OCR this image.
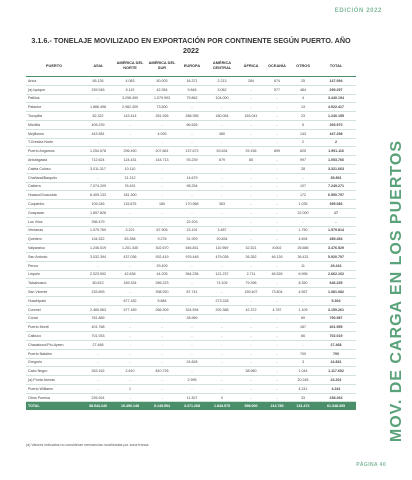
EDICIÓN 2022
3.1.6.- TONELAJE MOVILIZADO EN EXPORTACIÓN POR CONTINENTE SEGÚN PUERTO. AÑO 2022
PUERTO	ASIA	AMÉRICA DEL NORTE	AMÉRICA DEL SUR	EUROPA	AMÉRICA CENTRAL	ÁFRICA	OCEANÍA	OTROS	TOTAL
Arica	65.126	4.083	50.003	16.371	2.213	284	674	25	147.094
(a) Iquique	239.945	5.119	42.264	9.846	3.062	-	577	484	299.297
Patillos	-	3.298.490	1.079.993	79.862	104.000	-	-	4	3.440.194
Patache	1.866.496	2.982.409	73.500	-	-	-	-	13	4.922.417
Tocopilla	82.322	143.414	281.926	288.355	180.054	163.041	-	23	1.240.155
Michilla	405.239	-	-	66.526	-	-	-	5	265.970
Mejillones	443.581	-	4.093	-	480	-	-	143	447.298
T.Greslea Norte	-	-	-	-	-	-	-	2	2
Puerto Angamos	1.254.578	296.490	207.861	137.673	53.634	29.156	899	825	1.991.116
Antofagasta	712.624	124.431	144.713	93.239	679	85	-	997	1.053.766
Caleta Coloso	3.011.317	10.110	-	-	-	-	-	28	3.321.663
Chañaral/Barquito	-	21.212	-	14.679	-	-	-	-	35.891
Caldera	7.074.209	76.491	-	98.254	-	-	-	107	7.249.271
Huasco/Guacolda	6.409.133	181.300	-	-	-	-	-	172	6.590.797
Coquimbo	109.246	115.875	180	170.968	363	-	-	1.035	395.083
Guayacan	1.897.826	-	-	-	-	-	-	22.000	17
Los Vilos	396.479	-	-	22.203	-	-	-	-	-
Ventanas	1.079.760	3.221	67.905	23.191	3.487	-	-	1.750	1.979.814
Quintero	134.322	83.358	9.278	31.929	20.834	-	-	4.694	289.454
Valparaíso	1.246.519	1.201.345	302.670	546.831	110.969	32.521	8.602	26.686	3.476.529
San Antonio	3.032.394	437.036	932.419	976.448	479.038	26.352	46.139	36.431	5.920.797
Penco	-	-	29.409	-	-	-	-	11	29.416
Lirquén	2.023.992	42.638	44.205	364.236	121.237	2.711	48.526	6.996	2.662.102
Talcahuano	80.613	169.334	286.223	-	74.109	79.396	-	8.350	646.235
San Vicente	233.893	-	398.920	87.741	-	159.407	73.804	4.557	1.081.082
Huachipato	-	677.182	5.884	-	273.228	-	-	-	5.304
Coronel	2.465.563	577.189	266.309	324.594	292.388	42.372	4.787	1.109	3.159.261
Corral	761.889	-	-	28.969	-	-	-	69	790.987
Puerto Montt	401.768	-	-	-	-	-	-	187	401.955
Calbuco	701.933	-	-	-	-	-	-	66	702.019
Chacabuco/Pto.Aysen	27.468	-	-	-	-	-	-	-	27.468
Puerto Natales	-	-	-	-	-	-	-	700	700
Gregorio	-	-	-	24.828	-	-	-	3	24.831
Cabo Negro	263.162	2.610	810.726	-	-	38.960	-	1.044	1.117.652
(a) Punta Arenas	-	-	-	2.995	-	-	-	20.245	24.201
Puerto Williams	-	1	-	-	-	-	-	4.241	4.241
Otros Puertos	226.924	-	-	11.307	0	-	-	33	238.264
TOTAL	38.544.240	10.490.148	5.145.594	3.371.268	1.843.575	598.000	214.785	131.472	61.348.305
(a) Valores indicados no consideran mercancías movilizadas por zona franca.
MOV. DE CARGA EN LOS PUERTOS
PÁGINA 40
